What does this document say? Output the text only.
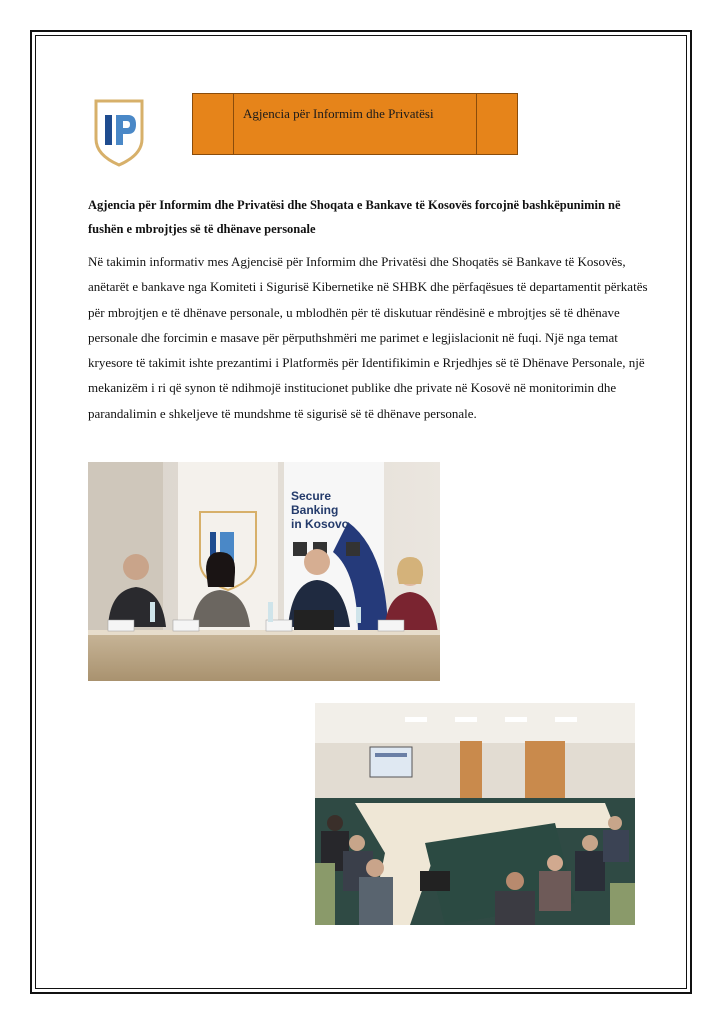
Agjencia për Informim dhe Privatësi
Agjencia për Informim dhe Privatësi dhe Shoqata e Bankave të Kosovës forcojnë bashkëpunimin në fushën e mbrojtjes së të dhënave personale
Në takimin informativ mes Agjencisë për Informim dhe Privatësi dhe Shoqatës së Bankave të Kosovës, anëtarët e bankave nga Komiteti i Sigurisë Kibernetike në SHBK dhe përfaqësues të departamentit përkatës për mbrojtjen e të dhënave personale, u mblodhën për të diskutuar rëndësinë e mbrojtjes së të dhënave personale dhe forcimin e masave për përputhshmëri me parimet e legjislacionit në fuqi. Një nga temat kryesore të takimit ishte prezantimi i Platformës për Identifikimin e Rrjedhjes së të Dhënave Personale, një mekanizëm i ri që synon të ndihmojë institucionet publike dhe private në Kosovë në monitorimin dhe parandalimin e shkeljeve të mundshme të sigurisë së të dhënave personale.
Secure
Banking
in Kosovo
